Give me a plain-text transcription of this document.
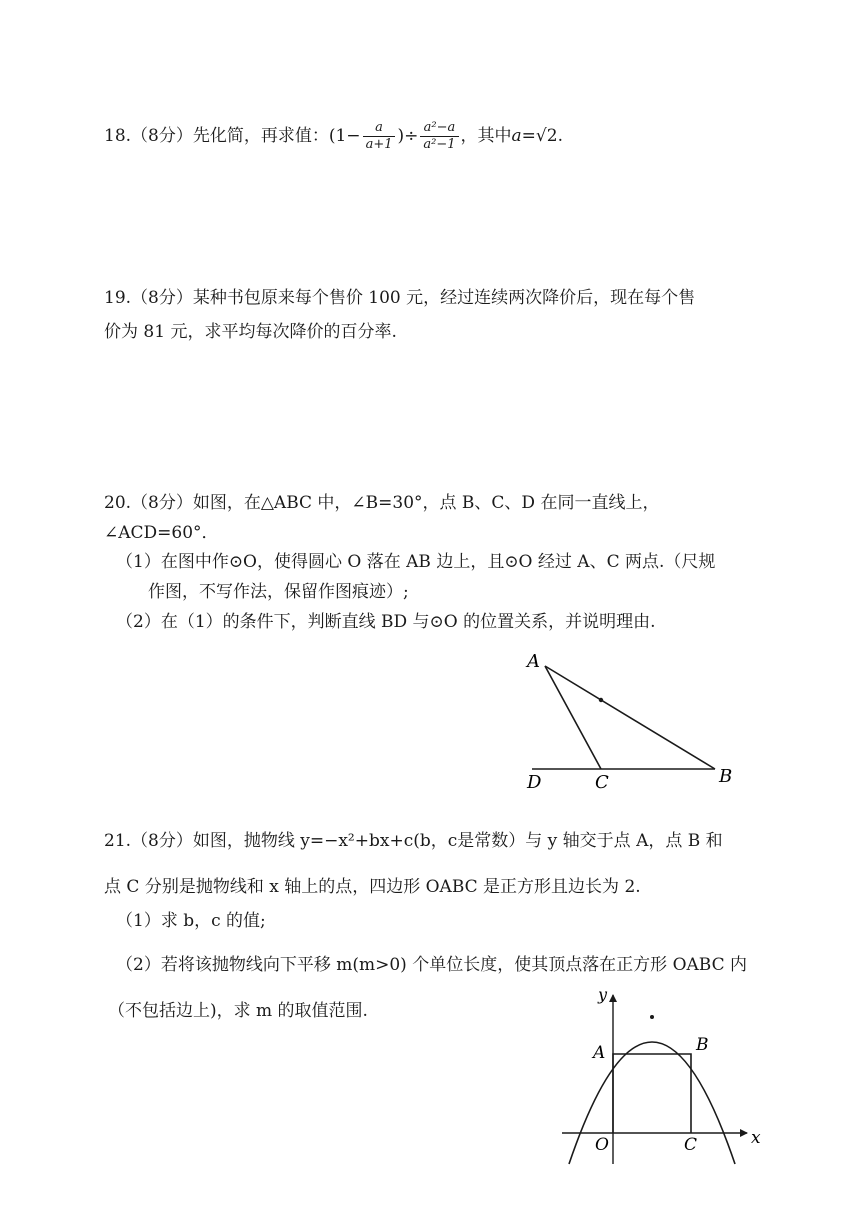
18.（8分）先化简，再求值：($1- \frac{a}{a+1}$ )÷ $\frac{\text{a²−a}}{\text{a²−1}}$ ，其中a=√2.
19.（8分）某种书包原来每个售价 100 元，经过连续两次降价后，现在每个售
价为 81 元，求平均每次降价的百分率.
20.（8分）如图，在△ABC 中，∠B=30°，点 B、C、D 在同一直线上，
∠ACD=60°．
（1）在图中作⊙O，使得圆心 O 落在 AB 边上，且⊙O 经过 A、C 两点.（尺规
作图，不写作法，保留作图痕迹）;
（2）在（1）的条件下，判断直线 BD 与⊙O 的位置关系，并说明理由.
A
D	C	B
21.（8分）如图，抛物线 y=−x²+bx+c(b，c是常数）与 y 轴交于点 A，点 B 和
点 C 分别是抛物线和 x 轴上的点，四边形 OABC 是正方形且边长为 2.
（1）求 b，c 的值;
（2）若将该抛物线向下平移 m(m>0) 个单位长度，使其顶点落在正方形 OABC 内
（不包括边上)，求 m 的取值范围.
y
x
A	B
O	C
